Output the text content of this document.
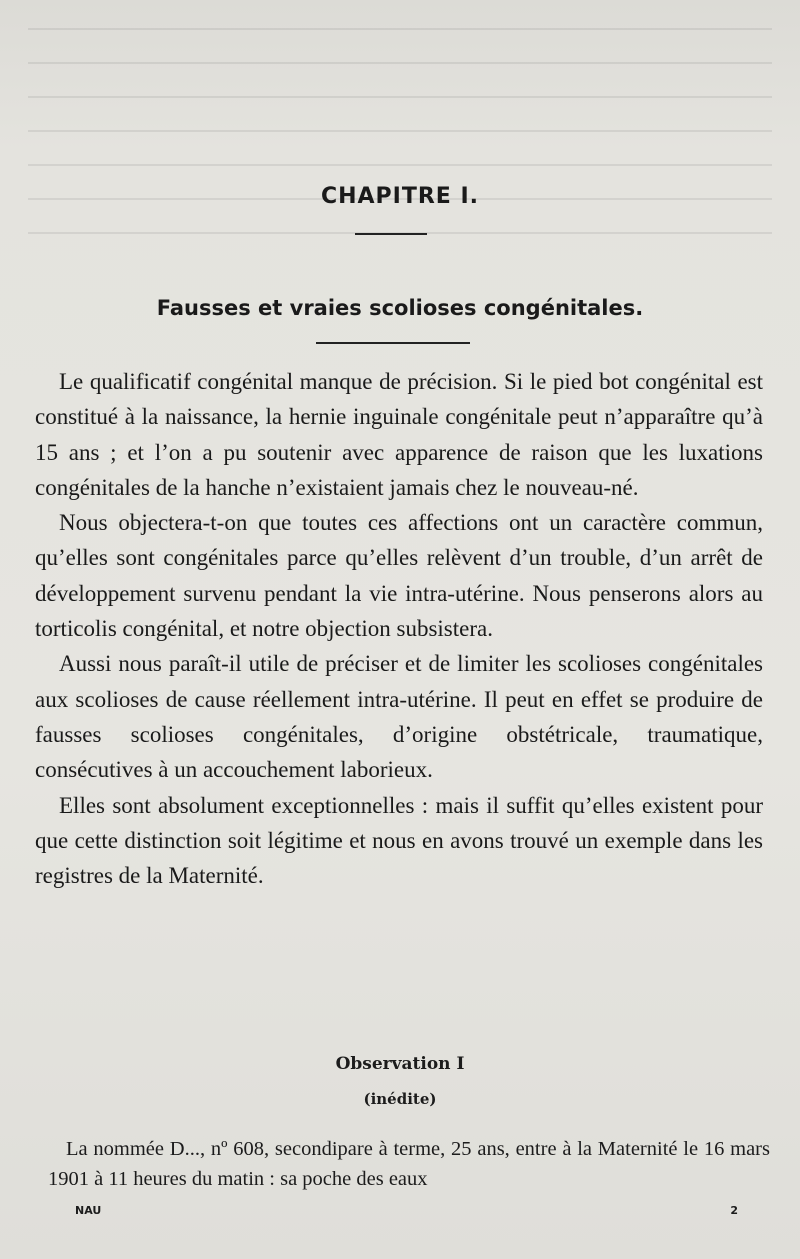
CHAPITRE I.
Fausses et vraies scolioses congénitales.

Le qualificatif congénital manque de précision. Si le pied bot congénital est constitué à la naissance, la hernie inguinale congénitale peut n’apparaître qu’à 15 ans ; et l’on a pu soutenir avec apparence de raison que les luxations congénitales de la hanche n’existaient jamais chez le nouveau-né.

Nous objectera-t-on que toutes ces affections ont un caractère commun, qu’elles sont congénitales parce qu’elles relèvent d’un trouble, d’un arrêt de développement survenu pendant la vie intra-utérine. Nous penserons alors au torticolis congénital, et notre objection subsistera.

Aussi nous paraît-il utile de préciser et de limiter les scolioses congénitales aux scolioses de cause réellement intra-utérine. Il peut en effet se produire de fausses scolioses congénitales, d’origine obstétricale, traumatique, consécutives à un accouchement laborieux.

Elles sont absolument exceptionnelles : mais il suffit qu’elles existent pour que cette distinction soit légitime et nous en avons trouvé un exemple dans les registres de la Maternité.

Observation I
(inédite)

La nommée D..., nº 608, secondipare à terme, 25 ans, entre à la Maternité le 16 mars 1901 à 11 heures du matin : sa poche des eaux

NAU	2
